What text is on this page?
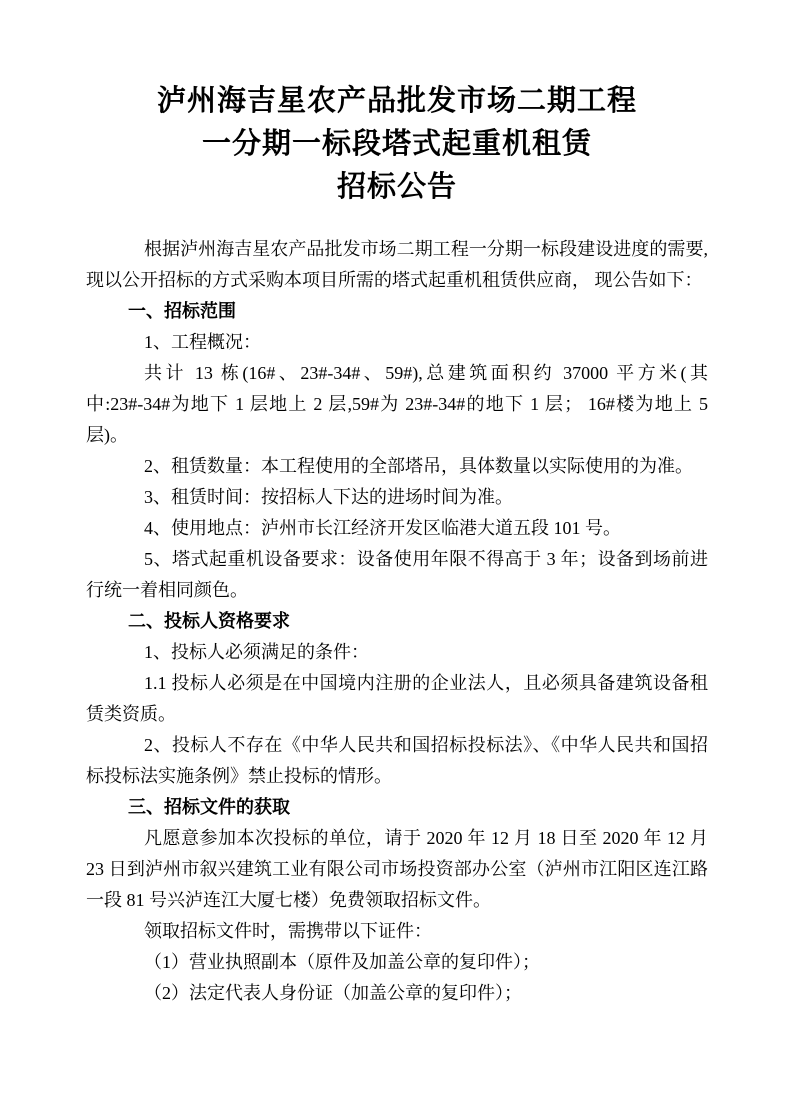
泸州海吉星农产品批发市场二期工程

一分期一标段塔式起重机租赁

招标公告

根据泸州海吉星农产品批发市场二期工程一分期一标段建设进度的需要,现以公开招标的方式采购本项目所需的塔式起重机租赁供应商， 现公告如下：

一、招标范围

1、工程概况：

共计 13 栋(16#、23#-34#、59#),总建筑面积约 37000 平方米(其中:23#-34#为地下 1 层地上 2 层,59#为 23#-34#的地下 1 层； 16#楼为地上 5 层)。

2、租赁数量：本工程使用的全部塔吊，具体数量以实际使用的为准。

3、租赁时间：按招标人下达的进场时间为准。

4、使用地点：泸州市长江经济开发区临港大道五段 101 号。

5、塔式起重机设备要求：设备使用年限不得高于 3 年；设备到场前进行统一着相同颜色。

二、投标人资格要求

1、投标人必须满足的条件：

1.1 投标人必须是在中国境内注册的企业法人，且必须具备建筑设备租赁类资质。

2、投标人不存在《中华人民共和国招标投标法》、《中华人民共和国招标投标法实施条例》禁止投标的情形。

三、招标文件的获取

凡愿意参加本次投标的单位，请于 2020 年 12 月 18 日至 2020 年 12 月 23 日到泸州市叙兴建筑工业有限公司市场投资部办公室（泸州市江阳区连江路一段 81 号兴泸连江大厦七楼）免费领取招标文件。

领取招标文件时，需携带以下证件：

（1）营业执照副本（原件及加盖公章的复印件）；

（2）法定代表人身份证（加盖公章的复印件）；
